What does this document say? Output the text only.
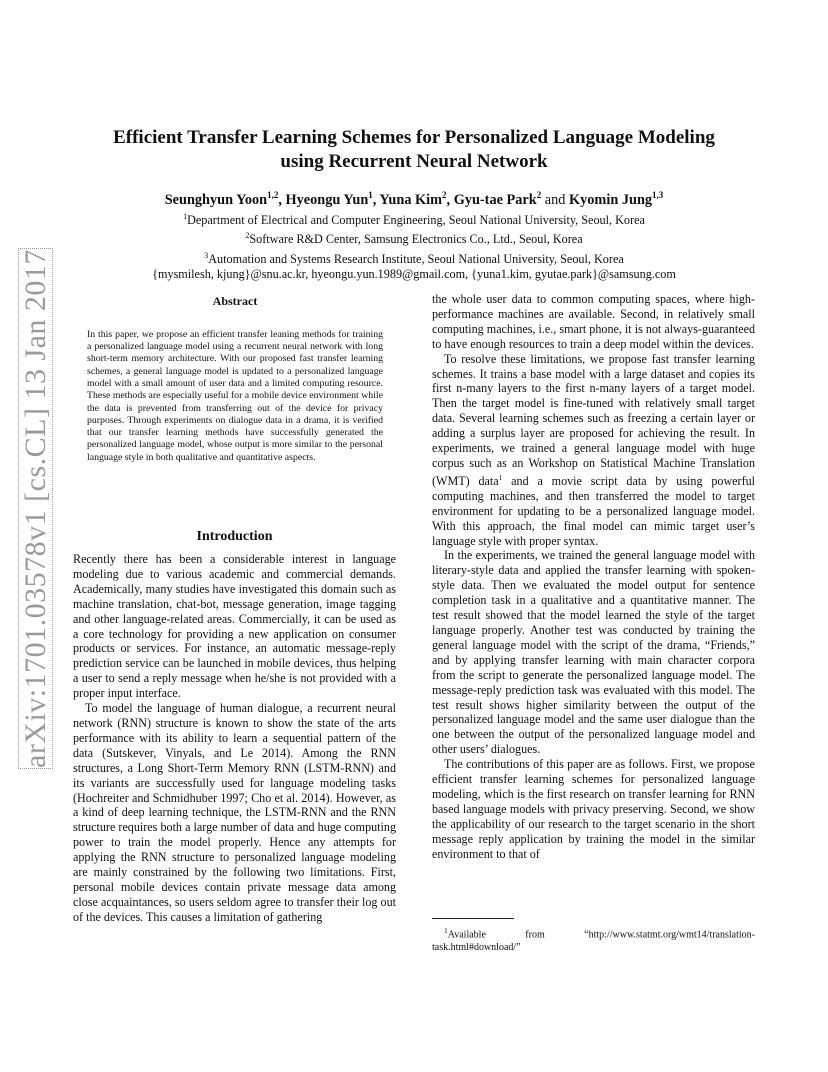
arXiv:1701.03578v1 [cs.CL] 13 Jan 2017
Efficient Transfer Learning Schemes for Personalized Language Modeling
using Recurrent Neural Network
Seunghyun Yoon$^{1,2}$, Hyeongu Yun$^1$, Yuna Kim$^2$, Gyu-tae Park$^2$ and Kyomin Jung$^{1,3}$
$^1$Department of Electrical and Computer Engineering, Seoul National University, Seoul, Korea
$^2$Software R&D Center, Samsung Electronics Co., Ltd., Seoul, Korea
$^3$Automation and Systems Research Institute, Seoul National University, Seoul, Korea
{mysmilesh, kjung}@snu.ac.kr, hyeongu.yun.1989@gmail.com, {yuna1.kim, gyutae.park}@samsung.com
Abstract

In this paper, we propose an efficient transfer leaning methods for training a personalized language model using a recurrent neural network with long short-term memory architecture. With our proposed fast transfer learning schemes, a general language model is updated to a personalized language model with a small amount of user data and a limited computing resource. These methods are especially useful for a mobile device environment while the data is prevented from transferring out of the device for privacy purposes. Through experiments on dialogue data in a drama, it is verified that our transfer learning methods have successfully generated the personalized language model, whose output is more similar to the personal language style in both qualitative and quantitative aspects.

Introduction

Recently there has been a considerable interest in language modeling due to various academic and commercial demands. Academically, many studies have investigated this domain such as machine translation, chat-bot, message generation, image tagging and other language-related areas. Commercially, it can be used as a core technology for providing a new application on consumer products or services. For instance, an automatic message-reply prediction service can be launched in mobile devices, thus helping a user to send a reply message when he/she is not provided with a proper input interface.

To model the language of human dialogue, a recurrent neural network (RNN) structure is known to show the state of the arts performance with its ability to learn a sequential pattern of the data (Sutskever, Vinyals, and Le 2014). Among the RNN structures, a Long Short-Term Memory RNN (LSTM-RNN) and its variants are successfully used for language modeling tasks (Hochreiter and Schmidhuber 1997; Cho et al. 2014). However, as a kind of deep learning technique, the LSTM-RNN and the RNN structure requires both a large number of data and huge computing power to train the model properly. Hence any attempts for applying the RNN structure to personalized language modeling are mainly constrained by the following two limitations. First, personal mobile devices contain private message data among close acquaintances, so users seldom agree to transfer their log out of the devices. This causes a limitation of gathering

the whole user data to common computing spaces, where high-performance machines are available. Second, in relatively small computing machines, i.e., smart phone, it is not always-guaranteed to have enough resources to train a deep model within the devices.

To resolve these limitations, we propose fast transfer learning schemes. It trains a base model with a large dataset and copies its first n-many layers to the first n-many layers of a target model. Then the target model is fine-tuned with relatively small target data. Several learning schemes such as freezing a certain layer or adding a surplus layer are proposed for achieving the result. In experiments, we trained a general language model with huge corpus such as an Workshop on Statistical Machine Translation (WMT) data$^1$ and a movie script data by using powerful computing machines, and then transferred the model to target environment for updating to be a personalized language model. With this approach, the final model can mimic target user’s language style with proper syntax.

In the experiments, we trained the general language model with literary-style data and applied the transfer learning with spoken-style data. Then we evaluated the model output for sentence completion task in a qualitative and a quantitative manner. The test result showed that the model learned the style of the target language properly. Another test was conducted by training the general language model with the script of the drama, “Friends,” and by applying transfer learning with main character corpora from the script to generate the personalized language model. The message-reply prediction task was evaluated with this model. The test result shows higher similarity between the output of the personalized language model and the same user dialogue than the one between the output of the personalized language model and other users’ dialogues.

The contributions of this paper are as follows. First, we propose efficient transfer learning schemes for personalized language modeling, which is the first research on transfer learning for RNN based language models with privacy preserving. Second, we show the applicability of our research to the target scenario in the short message reply application by training the model in the similar environment to that of

$^1$Available from “http://www.statmt.org/wmt14/translation-task.html#download/”
